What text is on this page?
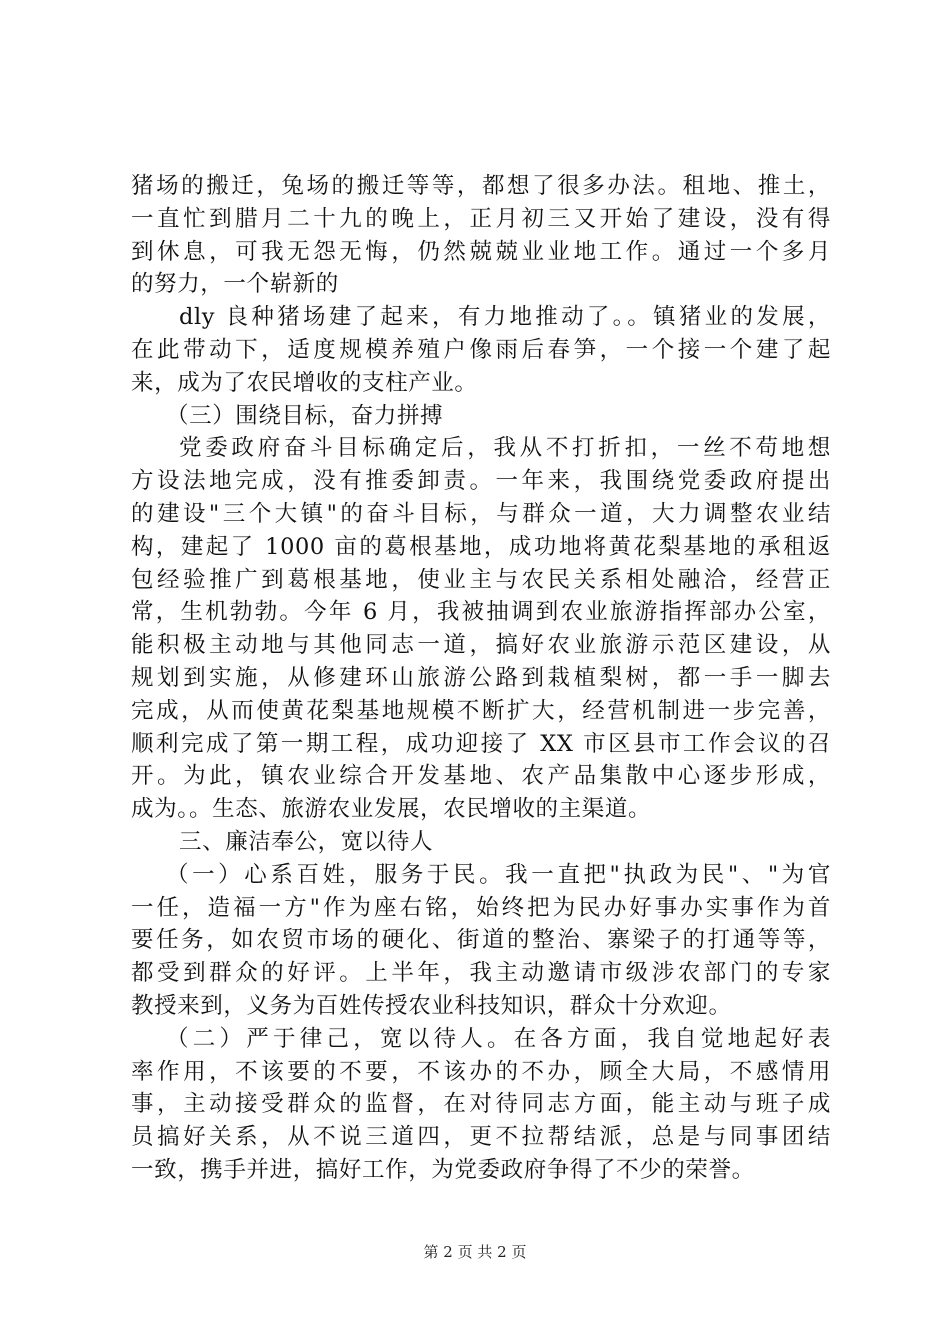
猪场的搬迁，兔场的搬迁等等，都想了很多办法。租地、推土，
一直忙到腊月二十九的晚上，正月初三又开始了建设，没有得
到休息，可我无怨无悔，仍然兢兢业业地工作。通过一个多月
的努力，一个崭新的
dly 良种猪场建了起来，有力地推动了。。镇猪业的发展，
在此带动下，适度规模养殖户像雨后春笋，一个接一个建了起
来，成为了农民增收的支柱产业。
（三）围绕目标，奋力拼搏
党委政府奋斗目标确定后，我从不打折扣，一丝不苟地想
方设法地完成，没有推委卸责。一年来，我围绕党委政府提出
的建设"三个大镇"的奋斗目标，与群众一道，大力调整农业结
构，建起了 1000 亩的葛根基地，成功地将黄花梨基地的承租返
包经验推广到葛根基地，使业主与农民关系相处融洽，经营正
常，生机勃勃。今年 6 月，我被抽调到农业旅游指挥部办公室，
能积极主动地与其他同志一道，搞好农业旅游示范区建设，从
规划到实施，从修建环山旅游公路到栽植梨树，都一手一脚去
完成，从而使黄花梨基地规模不断扩大，经营机制进一步完善，
顺利完成了第一期工程，成功迎接了 XX 市区县市工作会议的召
开。为此，镇农业综合开发基地、农产品集散中心逐步形成，
成为。。生态、旅游农业发展，农民增收的主渠道。
三、廉洁奉公，宽以待人
（一）心系百姓，服务于民。我一直把"执政为民"、"为官
一任，造福一方"作为座右铭，始终把为民办好事办实事作为首
要任务，如农贸市场的硬化、街道的整治、寨梁子的打通等等，
都受到群众的好评。上半年，我主动邀请市级涉农部门的专家
教授来到，义务为百姓传授农业科技知识，群众十分欢迎。
（二）严于律己，宽以待人。在各方面，我自觉地起好表
率作用，不该要的不要，不该办的不办，顾全大局，不感情用
事，主动接受群众的监督，在对待同志方面，能主动与班子成
员搞好关系，从不说三道四，更不拉帮结派，总是与同事团结
一致，携手并进，搞好工作，为党委政府争得了不少的荣誉。
第 2 页 共 2 页
